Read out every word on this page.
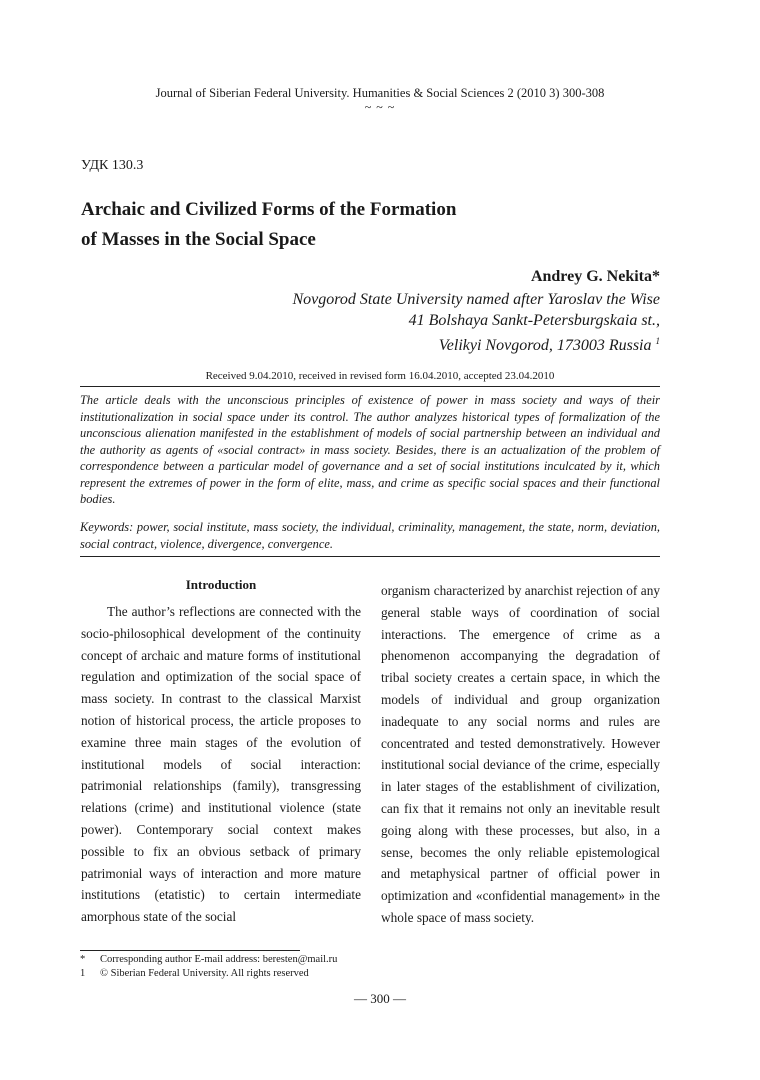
Journal of Siberian Federal University. Humanities & Social Sciences 2 (2010 3) 300-308
~ ~ ~
УДК 130.3
Archaic and Civilized Forms of the Formation
of Masses in the Social Space
Andrey G. Nekita*
Novgorod State University named after Yaroslav the Wise
41 Bolshaya Sankt-Petersburgskaia st.,
Velikyi Novgorod, 173003 Russia $^1$
Received 9.04.2010, received in revised form 16.04.2010, accepted 23.04.2010
The article deals with the unconscious principles of existence of power in mass society and ways of their institutionalization in social space under its control. The author analyzes historical types of formalization of the unconscious alienation manifested in the establishment of models of social partnership between an individual and the authority as agents of «social contract» in mass society. Besides, there is an actualization of the problem of correspondence between a particular model of governance and a set of social institutions inculcated by it, which represent the extremes of power in the form of elite, mass, and crime as specific social spaces and their functional bodies.
Keywords: power, social institute, mass society, the individual, criminality, management, the state, norm, deviation, social contract, violence, divergence, convergence.
Introduction

The author’s reflections are connected with the socio-philosophical development of the continuity concept of archaic and mature forms of institutional regulation and optimization of the social space of mass society. In contrast to the classical Marxist notion of historical process, the article proposes to examine three main stages of the evolution of institutional models of social interaction: patrimonial relationships (family), transgressing relations (crime) and institutional violence (state power). Contemporary social context makes possible to fix an obvious setback of primary patrimonial ways of interaction and more mature institutions (etatistic) to certain intermediate amorphous state of the social

organism characterized by anarchist rejection of any general stable ways of coordination of social interactions. The emergence of crime as a phenomenon accompanying the degradation of tribal society creates a certain space, in which the models of individual and group organization inadequate to any social norms and rules are concentrated and tested demonstratively. However institutional social deviance of the crime, especially in later stages of the establishment of civilization, can fix that it remains not only an inevitable result going along with these processes, but also, in a sense, becomes the only reliable epistemological and metaphysical partner of official power in optimization and «confidential management» in the whole space of mass society.

* Corresponding author E-mail address: beresten@mail.ru
1 © Siberian Federal University. All rights reserved
— 300 —
